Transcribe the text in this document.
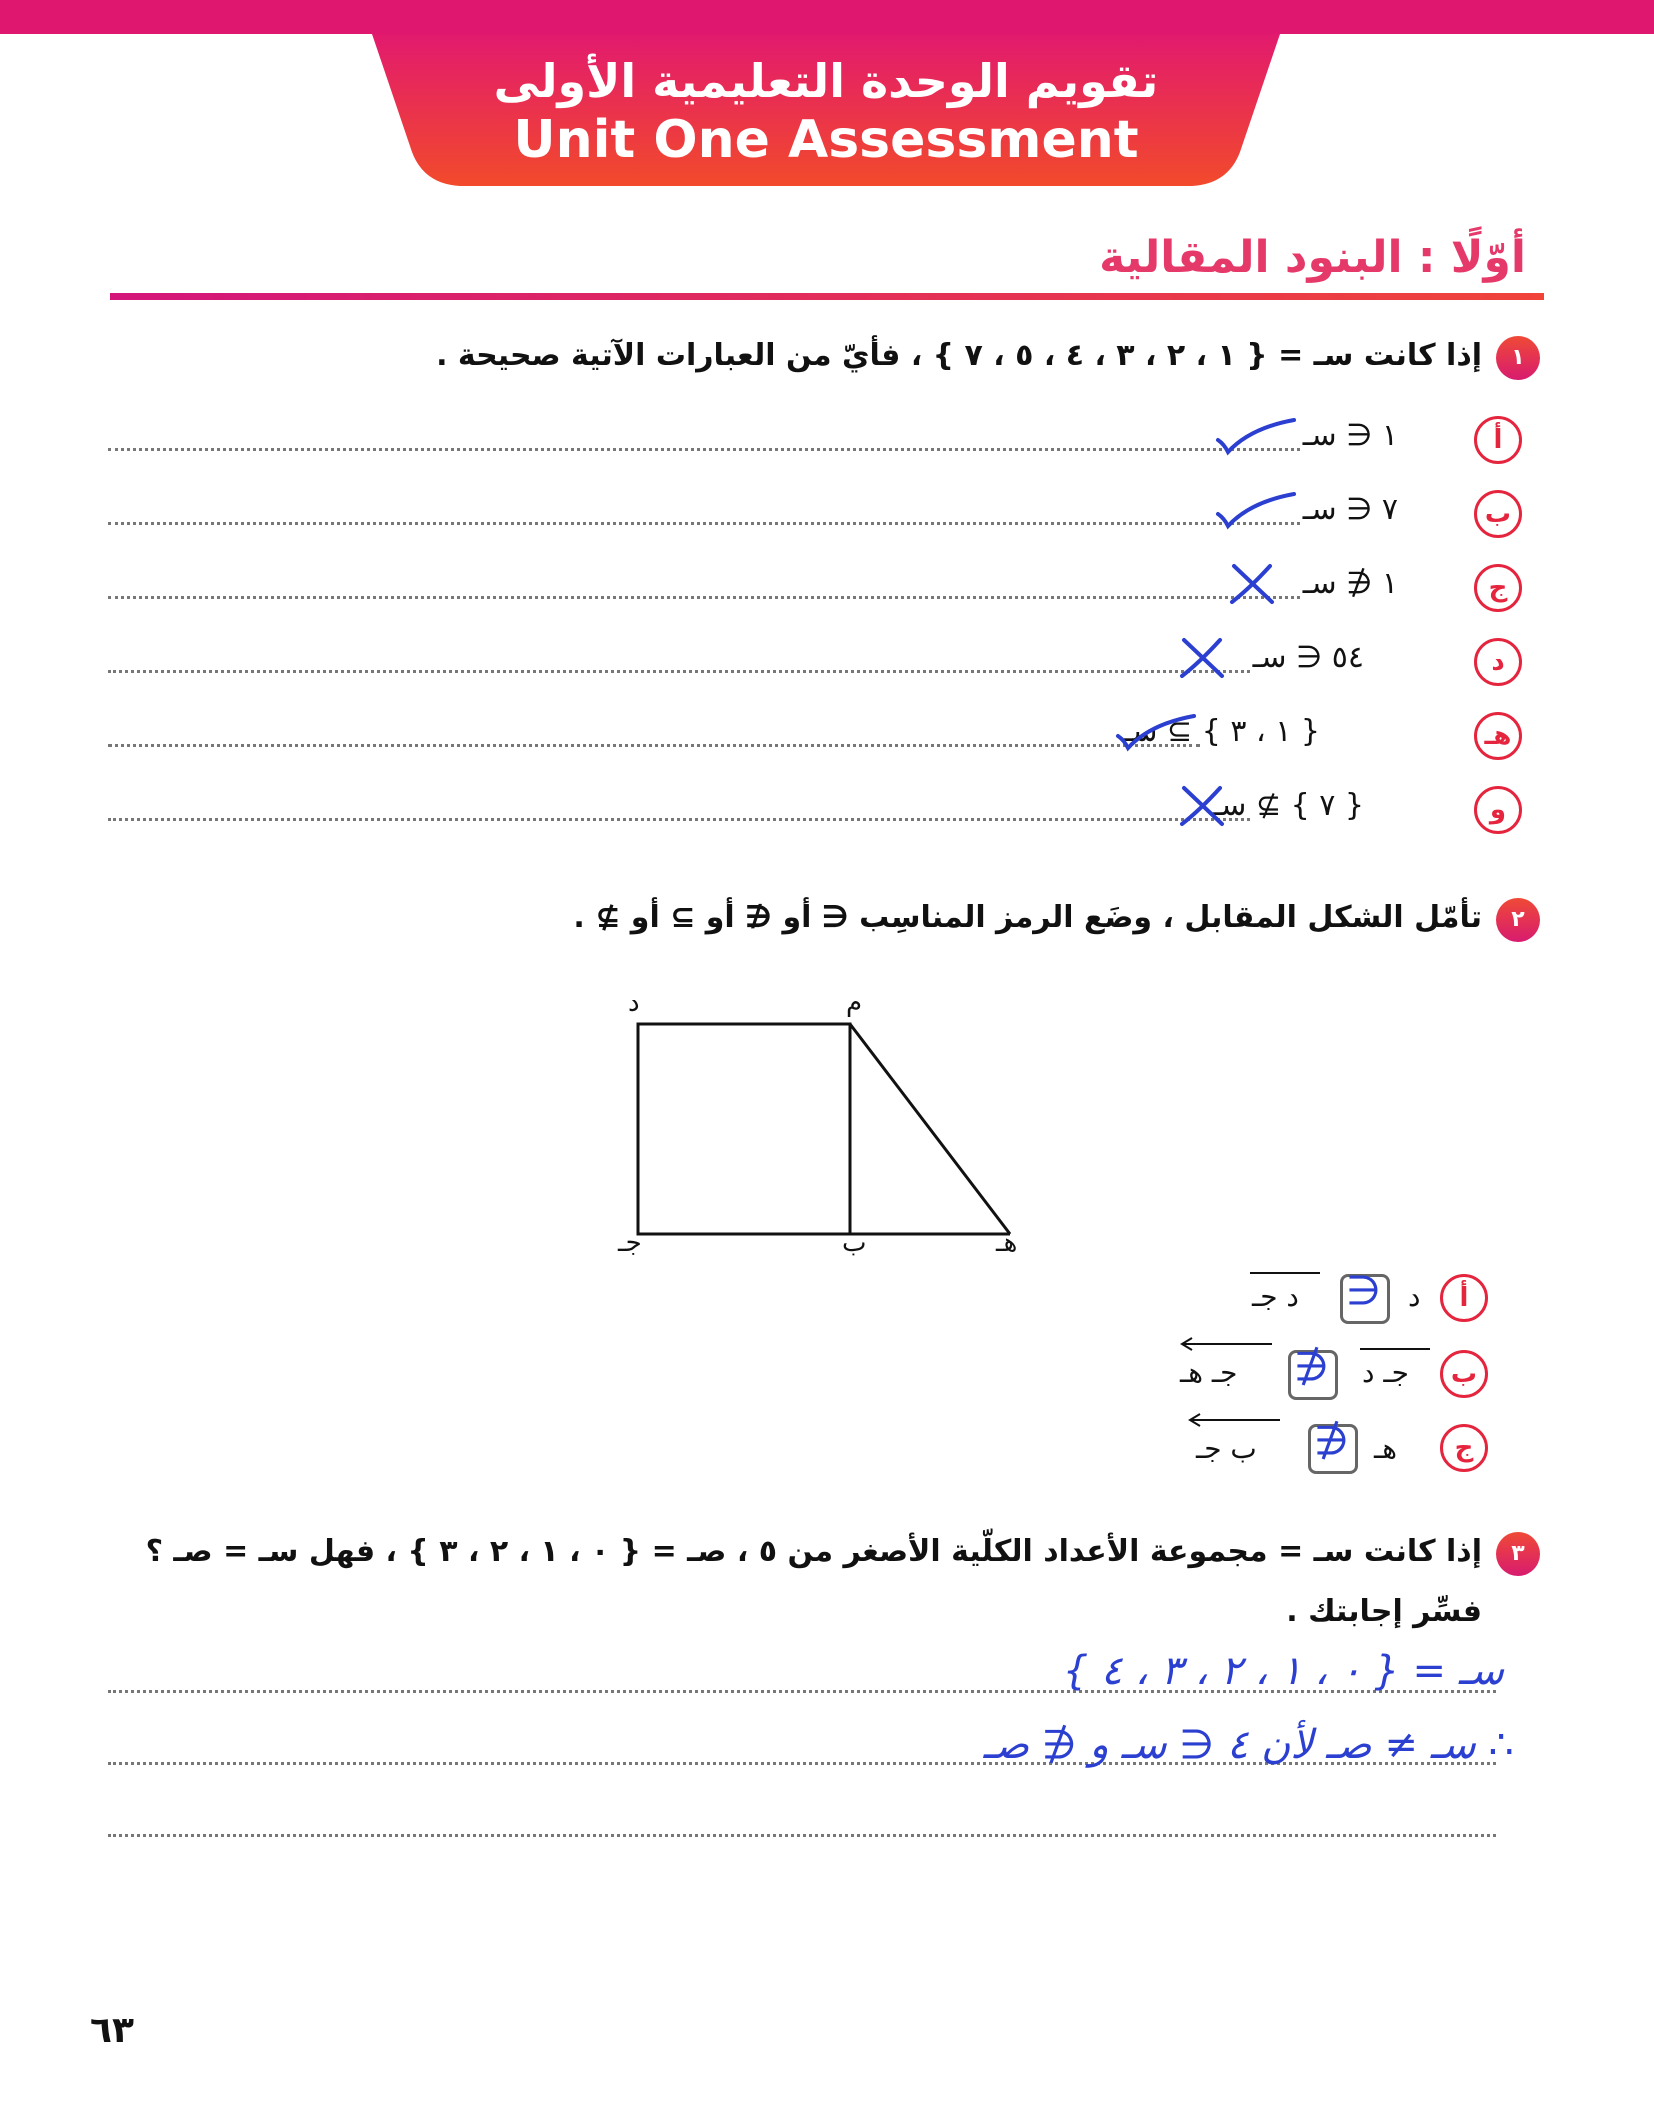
تقويم الوحدة التعليمية الأولى
Unit One Assessment
أوّلًا : البنود المقالية
١
إذا كانت سـ = { ١ ، ٢ ، ٣ ، ٤ ، ٥ ، ٧ } ، فأيّ من العبارات الآتية صحيحة .
أ
١ ∈ سـ
ب
٧ ∈ سـ
ج
١ ∉ سـ
د
٥٤ ∈ سـ
هـ
{ ١ ، ٣ } ⊇ سـ
و
{ ٧ } ⊉ سـ
٢
تأمّل الشكل المقابل ، وضَع الرمز المناسِب ∈ أو ∉ أو ⊇ أو ⊉ .
م
د
جـ	ب	هـ
أ
د
∈
د جـ
ب
جـ د
∉
جـ هـ
ج
هـ
∉
ب جـ
٣
إذا كانت سـ = مجموعة الأعداد الكلّية الأصغر من ٥ ، صـ = { ٠ ، ١ ، ٢ ، ٣ } ، فهل سـ = صـ ؟
فسِّر إجابتك .
سـ = { ٠ ، ١ ، ٢ ، ٣ ، ٤ }
∴ سـ ≠ صـ لأن ٤ ∈ سـ و ∉ صـ
٦٣
